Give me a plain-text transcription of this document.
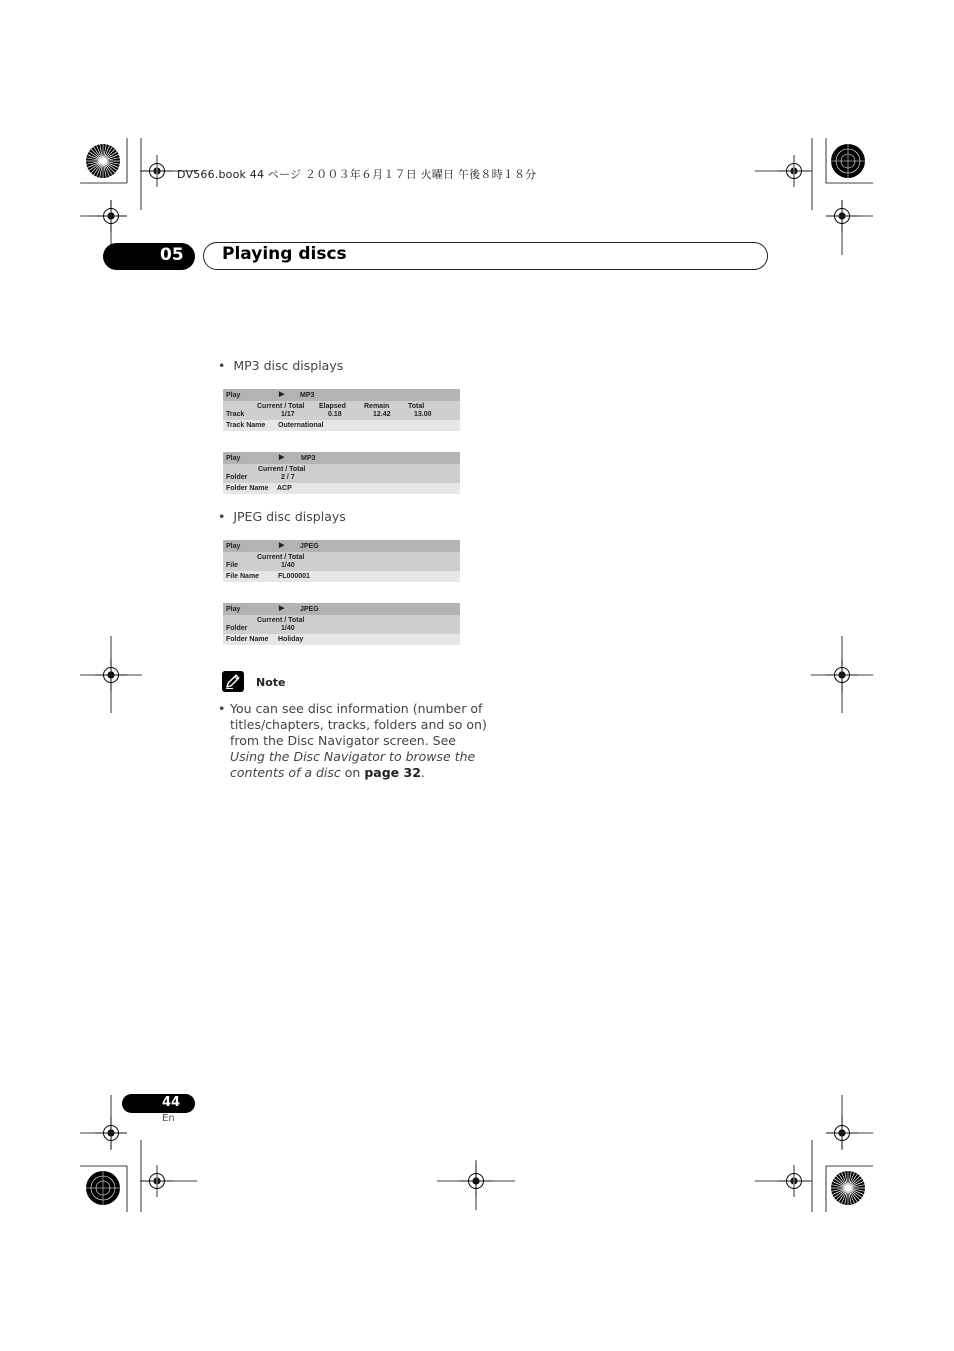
DV566.book 44 ページ ２００３年６月１７日 火曜日 午後８時１８分
05 Playing discs
•  MP3 disc displays
Play	▶ MP3
Current / Total Elapsed	Remain	Total
Track	1/17	0.18	12.42	13.00
Track Name Outernational
Play	▶ MP3
Current / Total
Folder	2 / 7
Folder Name ACP
•  JPEG disc displays
Play	▶ JPEG
Current / Total
File	1/40
File Name	FL000001
Play	▶ JPEG
Current / Total
Folder	1/40
Folder Name Holiday
Note
• You can see disc information (number of titles/chapters, tracks, folders and so on) from the Disc Navigator screen. See Using the Disc Navigator to browse the contents of a disc on page 32.
44
En
